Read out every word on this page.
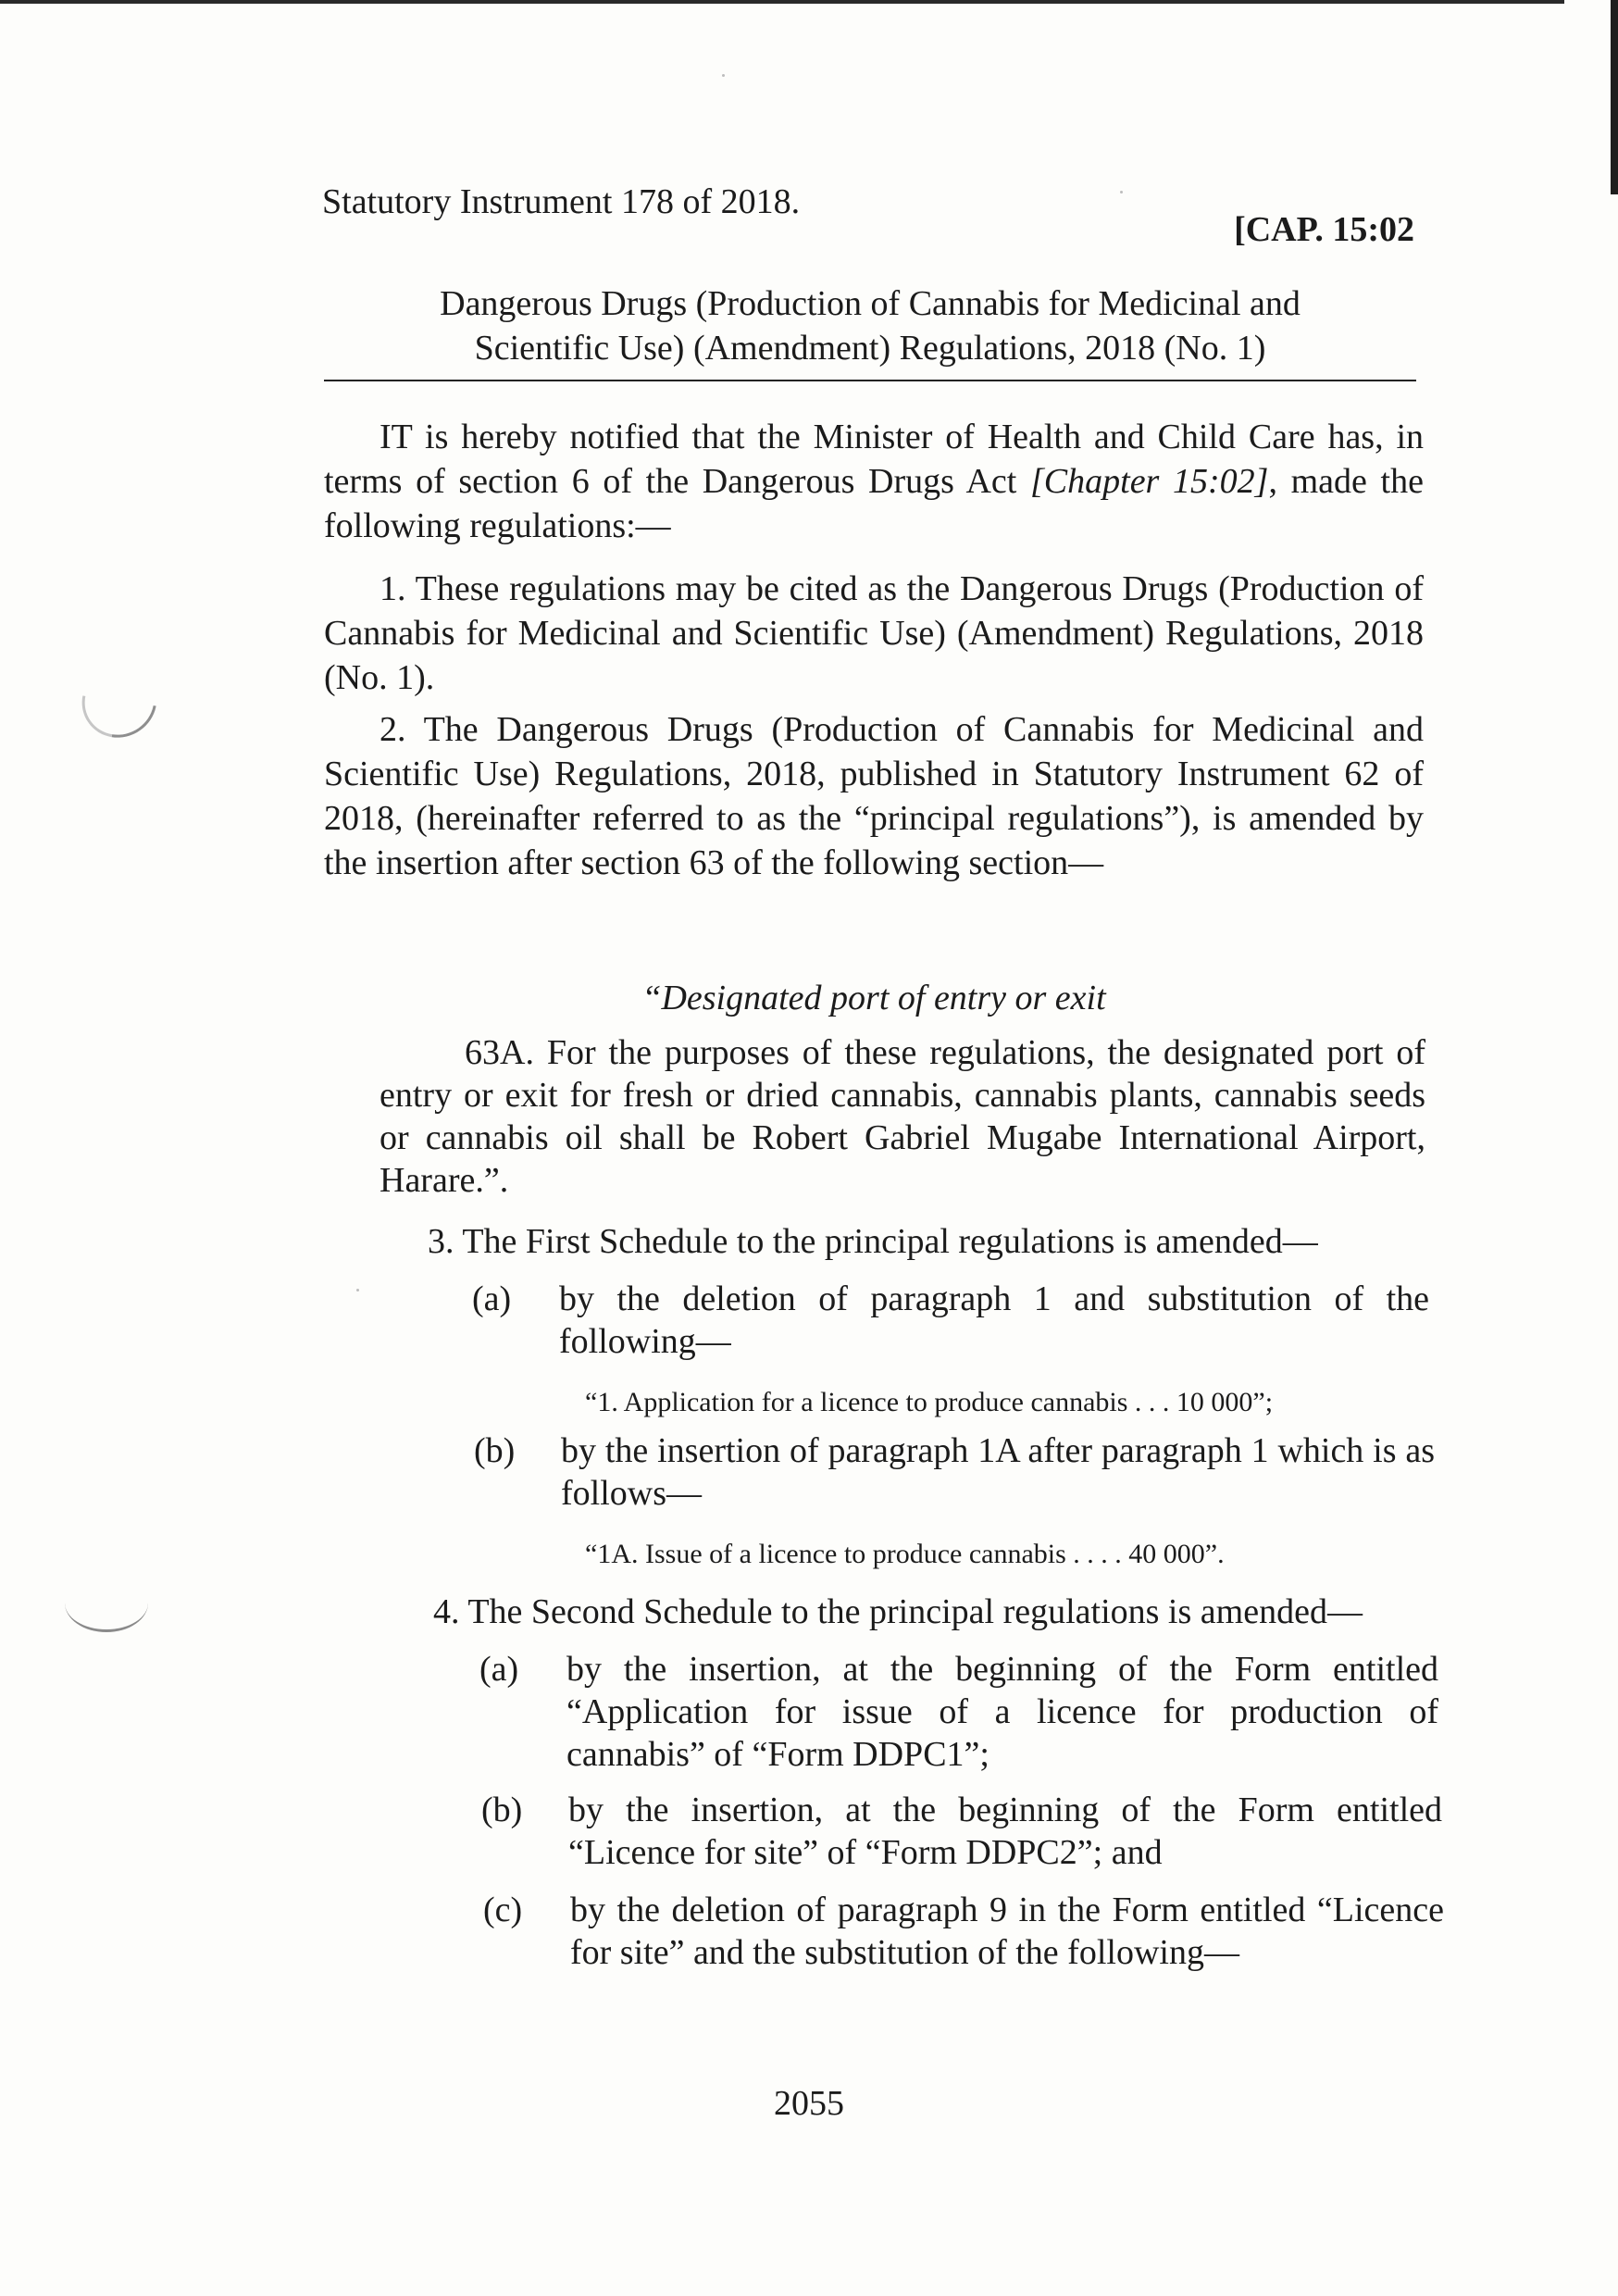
Statutory Instrument 178 of 2018.
[CAP. 15:02
Dangerous Drugs (Production of Cannabis for Medicinal and
Scientific Use) (Amendment) Regulations, 2018 (No. 1)
IT is hereby notified that the Minister of Health and Child Care has, in terms of section 6 of the Dangerous Drugs Act [Chapter 15:02], made the following regulations:—
1. These regulations may be cited as the Dangerous Drugs (Production of Cannabis for Medicinal and Scientific Use) (Amendment) Regulations, 2018 (No. 1).
2. The Dangerous Drugs (Production of Cannabis for Medicinal and Scientific Use) Regulations, 2018, published in Statutory Instrument 62 of 2018, (hereinafter referred to as the “principal regulations”), is amended by the insertion after section 63 of the following section—
“Designated port of entry or exit
63A. For the purposes of these regulations, the designated port of entry or exit for fresh or dried cannabis, cannabis plants, cannabis seeds or cannabis oil shall be Robert Gabriel Mugabe International Airport, Harare.”.
3. The First Schedule to the principal regulations is amended—
(a)	by the deletion of paragraph 1 and substitution of the following—
“1. Application for a licence to produce cannabis . . . 10 000”;
(b)	by the insertion of paragraph 1A after paragraph 1 which is as follows—
“1A. Issue of a licence to produce cannabis . . . . 40 000”.
4. The Second Schedule to the principal regulations is amended—
(a)	by the insertion, at the beginning of the Form entitled “Application for issue of a licence for production of cannabis” of “Form DDPC1”;
(b)	by the insertion, at the beginning of the Form entitled “Licence for site” of “Form DDPC2”; and
(c)	by the deletion of paragraph 9 in the Form entitled “Licence for site” and the substitution of the following—
2055
